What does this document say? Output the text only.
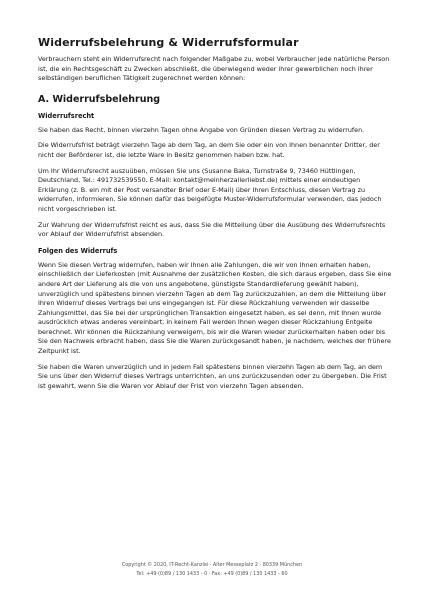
Widerrufsbelehrung & Widerrufsformular

Verbrauchern steht ein Widerrufsrecht nach folgender Maßgabe zu, wobei Verbraucher jede natürliche Person ist, die ein Rechtsgeschäft zu Zwecken abschließt, die überwiegend weder ihrer gewerblichen noch ihrer selbständigen beruflichen Tätigkeit zugerechnet werden können:

A. Widerrufsbelehrung
Widerrufsrecht

Sie haben das Recht, binnen vierzehn Tagen ohne Angabe von Gründen diesen Vertrag zu widerrufen.

Die Widerrufsfrist beträgt vierzehn Tage ab dem Tag, an dem Sie oder ein von Ihnen benannter Dritter, der nicht der Beförderer ist, die letzte Ware in Besitz genommen haben bzw. hat.

Um Ihr Widerrufsrecht auszuüben, müssen Sie uns (Susanne Baka, Turnstraße 9, 73460 Hüttlingen, Deutschland, Tel.: 491732539550, E-Mail: kontakt@meinherzallerliebst.de) mittels einer eindeutigen Erklärung (z. B. ein mit der Post versandter Brief oder E-Mail) über Ihren Entschluss, diesen Vertrag zu widerrufen, informieren. Sie können dafür das beigefügte Muster-Widerrufsformular verwenden, das jedoch nicht vorgeschrieben ist.

Zur Wahrung der Widerrufsfrist reicht es aus, dass Sie die Mitteilung über die Ausübung des Widerrufsrechts vor Ablauf der Widerrufsfrist absenden.

Folgen des Widerrufs

Wenn Sie diesen Vertrag widerrufen, haben wir Ihnen alle Zahlungen, die wir von Ihnen erhalten haben, einschließlich der Lieferkosten (mit Ausnahme der zusätzlichen Kosten, die sich daraus ergeben, dass Sie eine andere Art der Lieferung als die von uns angebotene, günstigste Standardlieferung gewählt haben), unverzüglich und spätestens binnen vierzehn Tagen ab dem Tag zurückzuzahlen, an dem die Mitteilung über Ihren Widerruf dieses Vertrags bei uns eingegangen ist. Für diese Rückzahlung verwenden wir dasselbe Zahlungsmittel, das Sie bei der ursprünglichen Transaktion eingesetzt haben, es sei denn, mit Ihnen wurde ausdrücklich etwas anderes vereinbart; in keinem Fall werden Ihnen wegen dieser Rückzahlung Entgelte berechnet. Wir können die Rückzahlung verweigern, bis wir die Waren wieder zurückerhalten haben oder bis Sie den Nachweis erbracht haben, dass Sie die Waren zurückgesandt haben, je nachdem, welches der frühere Zeitpunkt ist.

Sie haben die Waren unverzüglich und in jedem Fall spätestens binnen vierzehn Tagen ab dem Tag, an dem Sie uns über den Widerruf dieses Vertrags unterrichten, an uns zurückzusenden oder zu übergeben. Die Frist ist gewahrt, wenn Sie die Waren vor Ablauf der Frist von vierzehn Tagen absenden.

Copyright © 2020, IT-Recht-Kanzlei · Alter Messeplatz 2 · 80339 München
Tel: +49 (0)89 / 130 1433 - 0 · Fax: +49 (0)89 / 130 1433 - 60
